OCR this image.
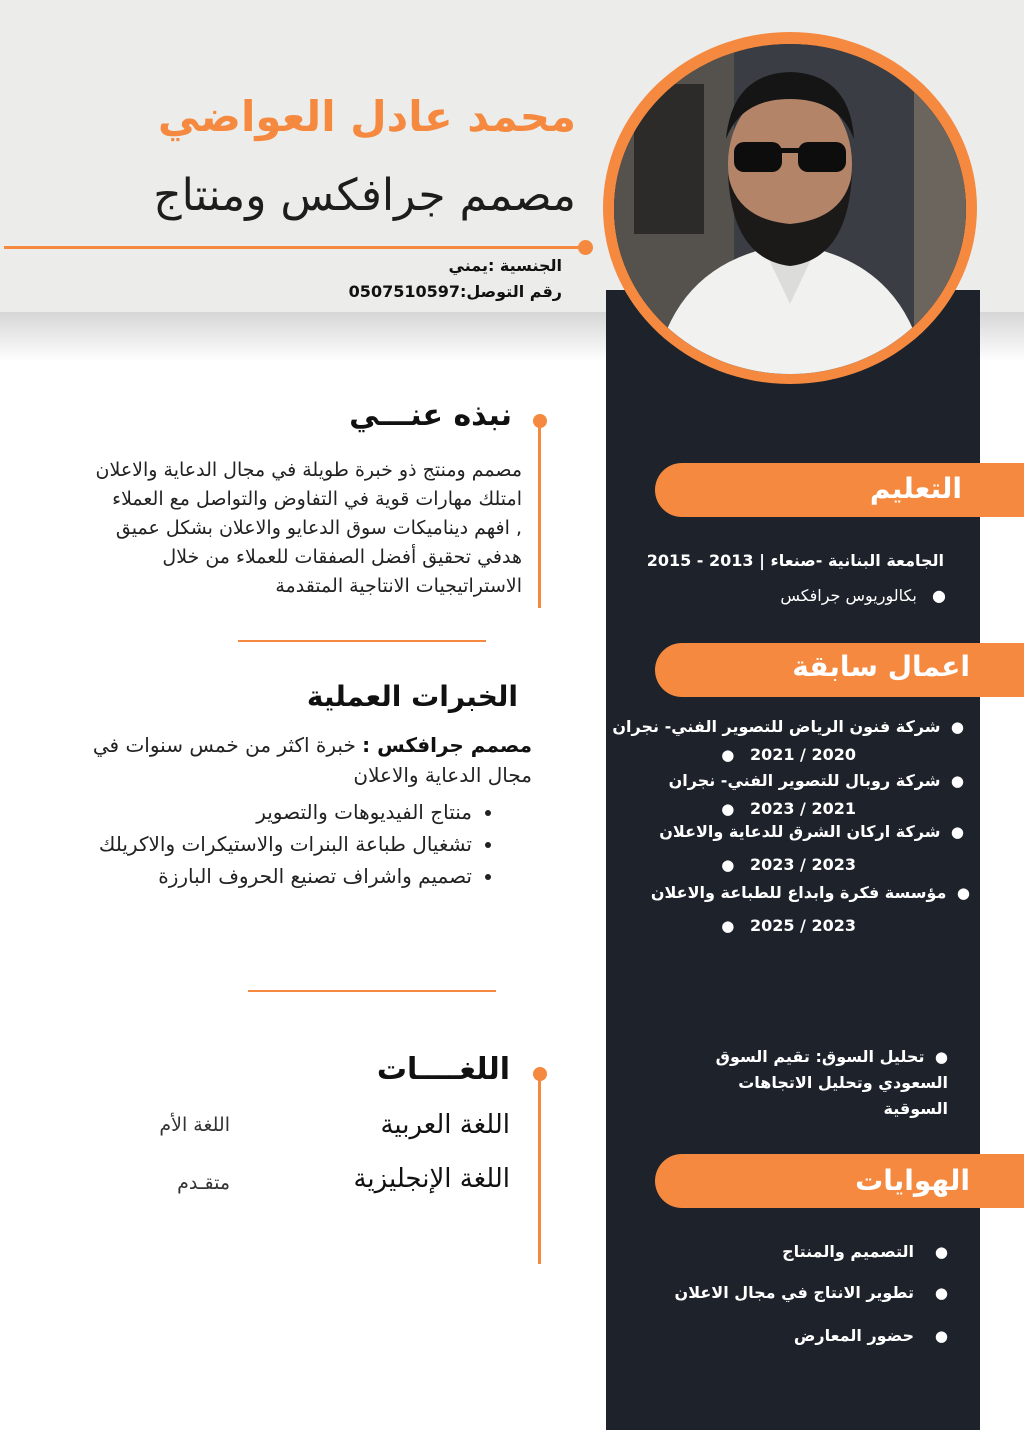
محمد عادل العواضي
مصمم جرافكس ومنتاج
الجنسية :يمني
رقم التوصل:0507510597
نبذه عنـــي
مصمم ومنتج ذو خبرة طويلة في مجال الدعاية والاعلان
امتلك مهارات قوية في التفاوض والتواصل مع العملاء
, افهم ديناميكات سوق الدعايو والاعلان بشكل عميق
هدفي تحقيق أفضل الصفقات للعملاء من خلال
الاستراتيجيات الانتاجية المتقدمة
الخبرات العملية
مصمم جرافكس : خبرة اكثر من خمس سنوات في مجال الدعاية والاعلان
• منتاج الفيديوهات والتصوير
• تشغيال طباعة البنرات والاستيكرات والاكريلك
• تصميم واشراف تصنيع الحروف البارزة
اللغــــات
اللغة العربية
اللغة الأم
اللغة الإنجليزية
متقـدم
التعليم
الجامعة البنانية -صنعاء | 2013 - 2015
●   بكالوريوس جرافكس
اعمال سابقة
●  شركة فنون الرياض للتصوير الفني- نجران
2020 / 2021   ●
●  شركة روبال للتصوير الفني- نجران
2021 / 2023   ●
●  شركة اركان الشرق للدعاية والاعلان
2023 / 2023   ●
●  مؤسسة فكرة وابداع للطباعة والاعلان
2023 / 2025   ●
●  تحليل السوق: تقيم السوق
السعودي وتحليل الاتجاهات
السوقية
الهوايات
●    التصميم والمنتاج
●    تطوير الانتاج في مجال الاعلان
●    حضور المعارض
